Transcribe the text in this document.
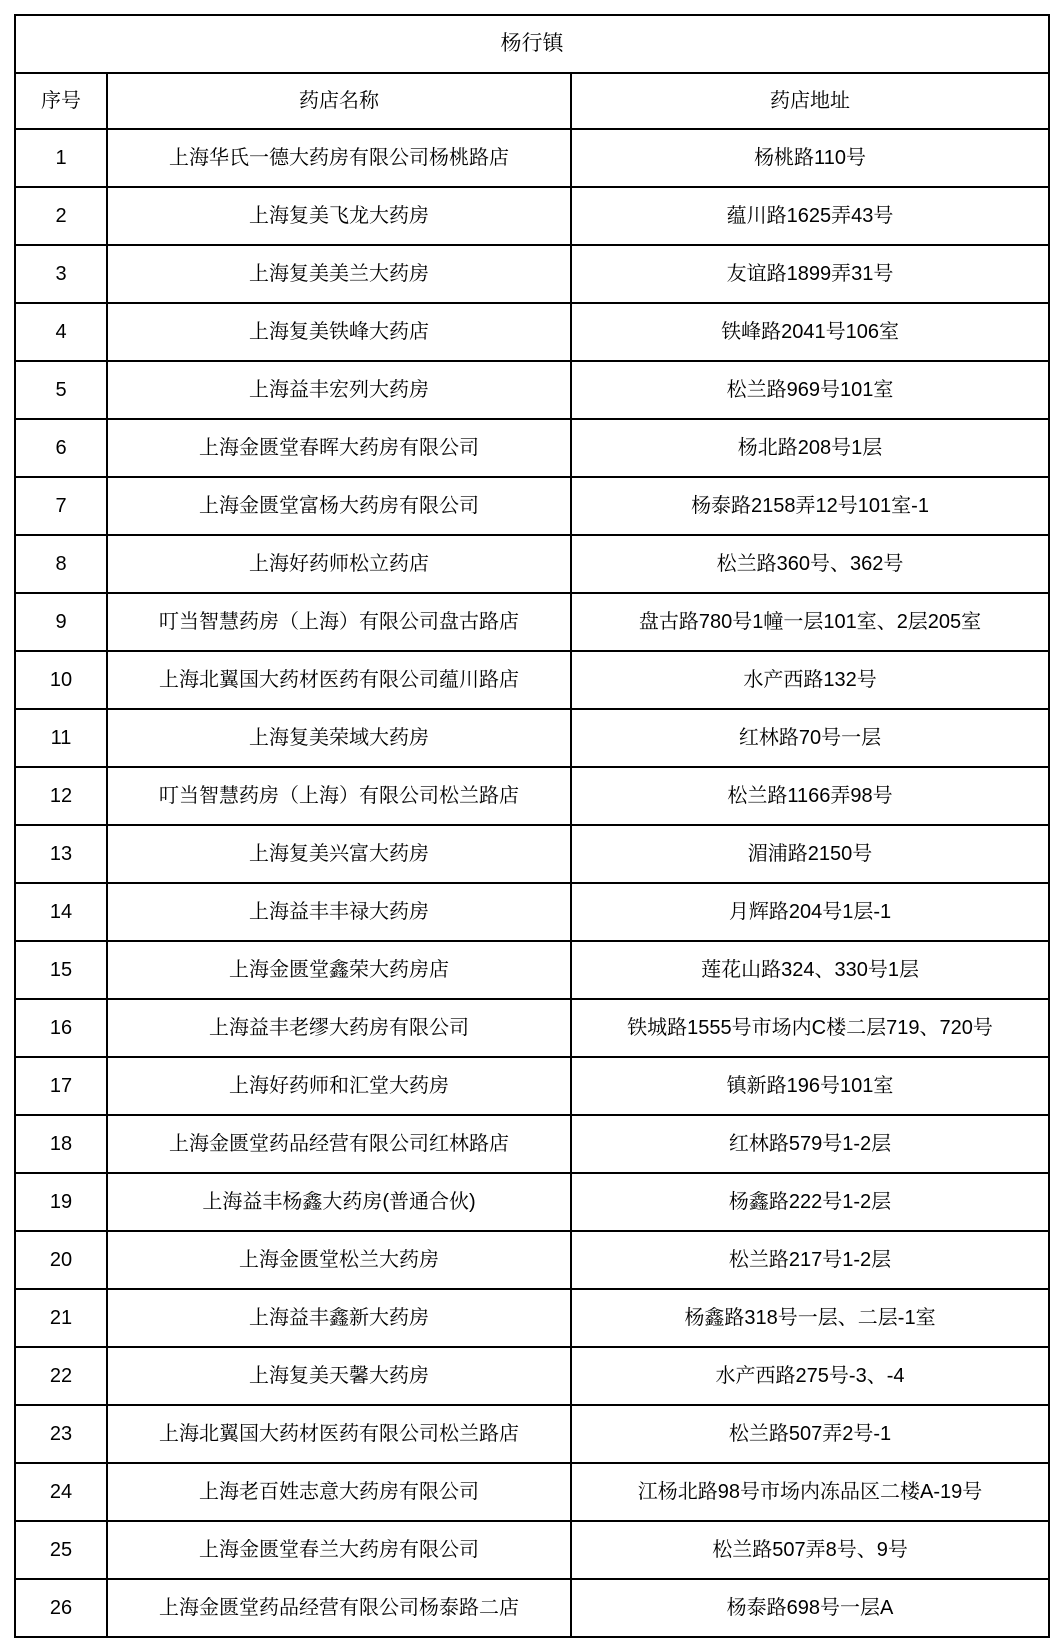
杨行镇		
序号	药店名称	药店地址
1	上海华氏一德大药房有限公司杨桃路店	杨桃路110号
2	上海复美飞龙大药房	蕴川路1625弄43号
3	上海复美美兰大药房	友谊路1899弄31号
4	上海复美铁峰大药店	铁峰路2041号106室
5	上海益丰宏列大药房	松兰路969号101室
6	上海金匮堂春晖大药房有限公司	杨北路208号1层
7	上海金匮堂富杨大药房有限公司	杨泰路2158弄12号101室-1
8	上海好药师松立药店	松兰路360号、362号
9	叮当智慧药房（上海）有限公司盘古路店	盘古路780号1幢一层101室、2层205室
10	上海北翼国大药材医药有限公司蕴川路店	水产西路132号
11	上海复美荣域大药房	红林路70号一层
12	叮当智慧药房（上海）有限公司松兰路店	松兰路1166弄98号
13	上海复美兴富大药房	湄浦路2150号
14	上海益丰丰禄大药房	月辉路204号1层-1
15	上海金匮堂鑫荣大药房店	莲花山路324、330号1层
16	上海益丰老缪大药房有限公司	铁城路1555号市场内C楼二层719、720号
17	上海好药师和汇堂大药房	镇新路196号101室
18	上海金匮堂药品经营有限公司红林路店	红林路579号1-2层
19	上海益丰杨鑫大药房(普通合伙)	杨鑫路222号1-2层
20	上海金匮堂松兰大药房	松兰路217号1-2层
21	上海益丰鑫新大药房	杨鑫路318号一层、二层-1室
22	上海复美天馨大药房	水产西路275号-3、-4
23	上海北翼国大药材医药有限公司松兰路店	松兰路507弄2号-1
24	上海老百姓志意大药房有限公司	江杨北路98号市场内冻品区二楼A-19号
25	上海金匮堂春兰大药房有限公司	松兰路507弄8号、9号
26	上海金匮堂药品经营有限公司杨泰路二店	杨泰路698号一层A
